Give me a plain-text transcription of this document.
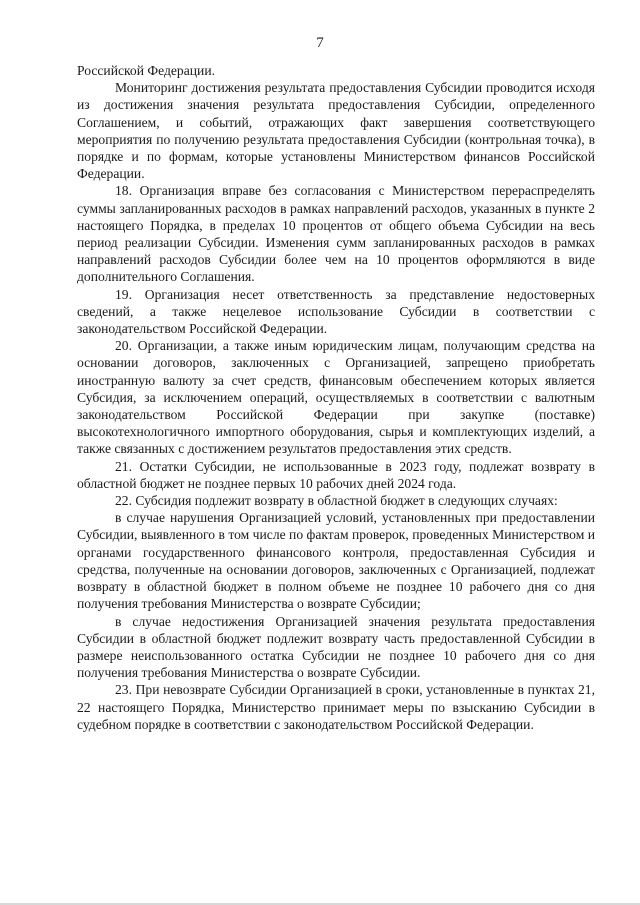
7

Российской Федерации.

Мониторинг достижения результата предоставления Субсидии проводится исходя из достижения значения результата предоставления Субсидии, определенного Соглашением, и событий, отражающих факт завершения соответствующего мероприятия по получению результата предоставления Субсидии (контрольная точка), в порядке и по формам, которые установлены Министерством финансов Российской Федерации.

18. Организация вправе без согласования с Министерством перераспределять суммы запланированных расходов в рамках направлений расходов, указанных в пункте 2 настоящего Порядка, в пределах 10 процентов от общего объема Субсидии на весь период реализации Субсидии. Изменения сумм запланированных расходов в рамках направлений расходов Субсидии более чем на 10 процентов оформляются в виде дополнительного Соглашения.

19. Организация несет ответственность за представление недостоверных сведений, а также нецелевое использование Субсидии в соответствии с законодательством Российской Федерации.

20. Организации, а также иным юридическим лицам, получающим средства на основании договоров, заключенных с Организацией, запрещено приобретать иностранную валюту за счет средств, финансовым обеспечением которых является Субсидия, за исключением операций, осуществляемых в соответствии с валютным законодательством Российской Федерации при закупке (поставке) высокотехнологичного импортного оборудования, сырья и комплектующих изделий, а также связанных с достижением результатов предоставления этих средств.

21. Остатки Субсидии, не использованные в 2023 году, подлежат возврату в областной бюджет не позднее первых 10 рабочих дней 2024 года.

22. Субсидия подлежит возврату в областной бюджет в следующих случаях:

в случае нарушения Организацией условий, установленных при предоставлении Субсидии, выявленного в том числе по фактам проверок, проведенных Министерством и органами государственного финансового контроля, предоставленная Субсидия и средства, полученные на основании договоров, заключенных с Организацией, подлежат возврату в областной бюджет в полном объеме не позднее 10 рабочего дня со дня получения требования Министерства о возврате Субсидии;

в случае недостижения Организацией значения результата предоставления Субсидии в областной бюджет подлежит возврату часть предоставленной Субсидии в размере неиспользованного остатка Субсидии не позднее 10 рабочего дня со дня получения требования Министерства о возврате Субсидии.

23. При невозврате Субсидии Организацией в сроки, установленные в пунктах 21, 22 настоящего Порядка, Министерство принимает меры по взысканию Субсидии в судебном порядке в соответствии с законодательством Российской Федерации.
